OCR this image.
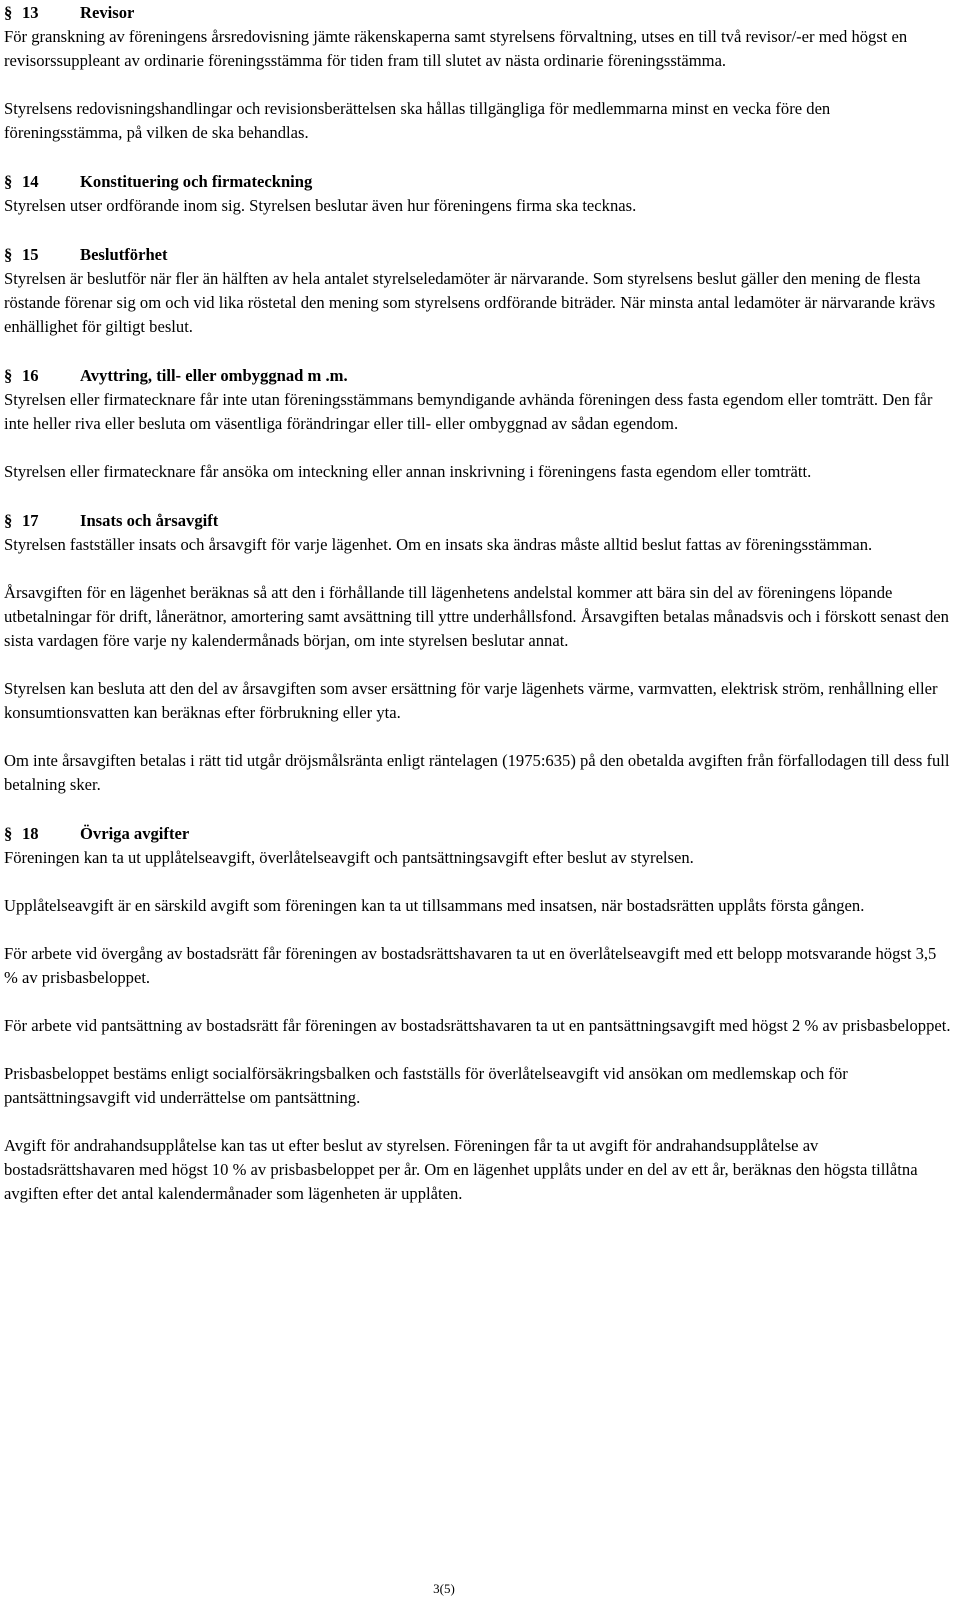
§ 13	Revisor

För granskning av föreningens årsredovisning jämte räkenskaperna samt styrelsens förvaltning, utses en till två revisor/-er med högst en revisorssuppleant av ordinarie föreningsstämma för tiden fram till slutet av nästa ordinarie föreningsstämma.

Styrelsens redovisningshandlingar och revisionsberättelsen ska hållas tillgängliga för medlemmarna minst en vecka före den föreningsstämma, på vilken de ska behandlas.

§ 14	Konstituering och firmateckning

Styrelsen utser ordförande inom sig. Styrelsen beslutar även hur föreningens firma ska tecknas.

§ 15	Beslutförhet

Styrelsen är beslutför när fler än hälften av hela antalet styrelseledamöter är närvarande. Som styrelsens beslut gäller den mening de flesta röstande förenar sig om och vid lika röstetal den mening som styrelsens ordförande biträder. När minsta antal ledamöter är närvarande krävs enhällighet för giltigt beslut.

§ 16	Avyttring, till- eller ombyggnad m .m.

Styrelsen eller firmatecknare får inte utan föreningsstämmans bemyndigande avhända föreningen dess fasta egendom eller tomträtt. Den får inte heller riva eller besluta om väsentliga förändringar eller till- eller ombyggnad av sådan egendom.

Styrelsen eller firmatecknare får ansöka om inteckning eller annan inskrivning i föreningens fasta egendom eller tomträtt.

§ 17	Insats och årsavgift

Styrelsen fastställer insats och årsavgift för varje lägenhet. Om en insats ska ändras måste alltid beslut fattas av föreningsstämman.

Årsavgiften för en lägenhet beräknas så att den i förhållande till lägenhetens andelstal kommer att bära sin del av föreningens löpande utbetalningar för drift, lånerätnor, amortering samt avsättning till yttre underhållsfond. Årsavgiften betalas månadsvis och i förskott senast den sista vardagen före varje ny kalendermånads början, om inte styrelsen beslutar annat.

Styrelsen kan besluta att den del av årsavgiften som avser ersättning för varje lägenhets värme, varmvatten, elektrisk ström, renhållning eller konsumtionsvatten kan beräknas efter förbrukning eller yta.

Om inte årsavgiften betalas i rätt tid utgår dröjsmålsränta enligt räntelagen (1975:635) på den obetalda avgiften från förfallodagen till dess full betalning sker.

§ 18	Övriga avgifter

Föreningen kan ta ut upplåtelseavgift, överlåtelseavgift och pantsättningsavgift efter beslut av styrelsen.

Upplåtelseavgift är en särskild avgift som föreningen kan ta ut tillsammans med insatsen, när bostadsrätten upplåts första gången.

För arbete vid övergång av bostadsrätt får föreningen av bostadsrättshavaren ta ut en överlåtelseavgift med ett belopp motsvarande högst 3,5 % av prisbasbeloppet.

För arbete vid pantsättning av bostadsrätt får föreningen av bostadsrättshavaren ta ut en pantsättningsavgift med högst 2 % av prisbasbeloppet.

Prisbasbeloppet bestäms enligt socialförsäkringsbalken och fastställs för överlåtelseavgift vid ansökan om medlemskap och för pantsättningsavgift vid underrättelse om pantsättning.

Avgift för andrahandsupplåtelse kan tas ut efter beslut av styrelsen. Föreningen får ta ut avgift för andrahandsupplåtelse av bostadsrättshavaren med högst 10 % av prisbasbeloppet per år. Om en lägenhet upplåts under en del av ett år, beräknas den högsta tillåtna avgiften efter det antal kalendermånader som lägenheten är upplåten.

3(5)
